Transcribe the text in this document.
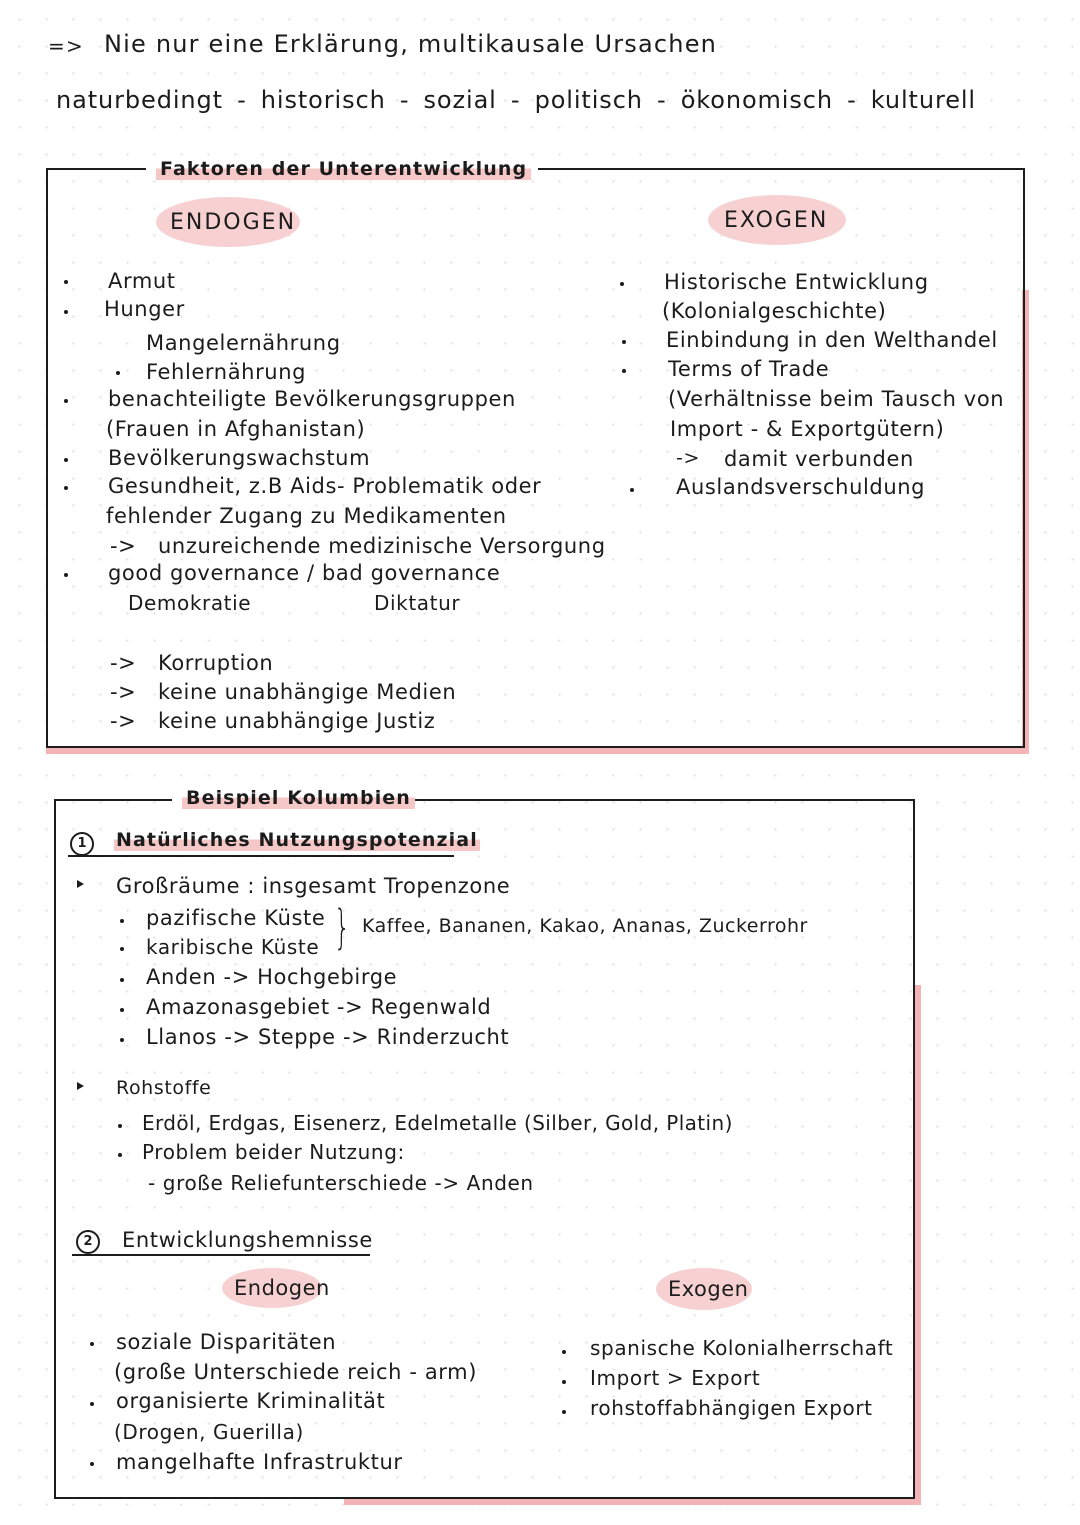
=> Nie nur eine Erklärung, multikausale Ursachen
naturbedingt - historisch - sozial - politisch - ökonomisch - kulturell
Faktoren der Unterentwicklung
ENDOGEN	EXOGEN
Armut
Hunger
Mangelernährung
Fehlernährung
benachteiligte Bevölkerungsgruppen
(Frauen in Afghanistan)
Bevölkerungswachstum
Gesundheit, z.B Aids- Problematik oder
fehlender Zugang zu Medikamenten
-> unzureichende medizinische Versorgung
good governance / bad governance
Demokratie	Diktatur
-> Korruption
-> keine unabhängige Medien
-> keine unabhängige Justiz
Historische Entwicklung
(Kolonialgeschichte)
Einbindung in den Welthandel
Terms of Trade
(Verhältnisse beim Tausch von
Import - & Exportgütern)
-> damit verbunden
Auslandsverschuldung
Beispiel Kolumbien
1	Natürliches Nutzungspotenzial
Großräume : insgesamt Tropenzone
pazifische Küste
karibische Küste } Kaffee, Bananen, Kakao, Ananas, Zuckerrohr
Anden -> Hochgebirge
Amazonasgebiet -> Regenwald
Llanos -> Steppe -> Rinderzucht
Rohstoffe
Erdöl, Erdgas, Eisenerz, Edelmetalle (Silber, Gold, Platin)
Problem beider Nutzung:
- große Reliefunterschiede -> Anden
2	Entwicklungshemnisse
Endogen	Exogen
soziale Disparitäten
(große Unterschiede reich - arm)
organisierte Kriminalität
(Drogen, Guerilla)
mangelhafte Infrastruktur
spanische Kolonialherrschaft
Import > Export
rohstoffabhängigen Export
